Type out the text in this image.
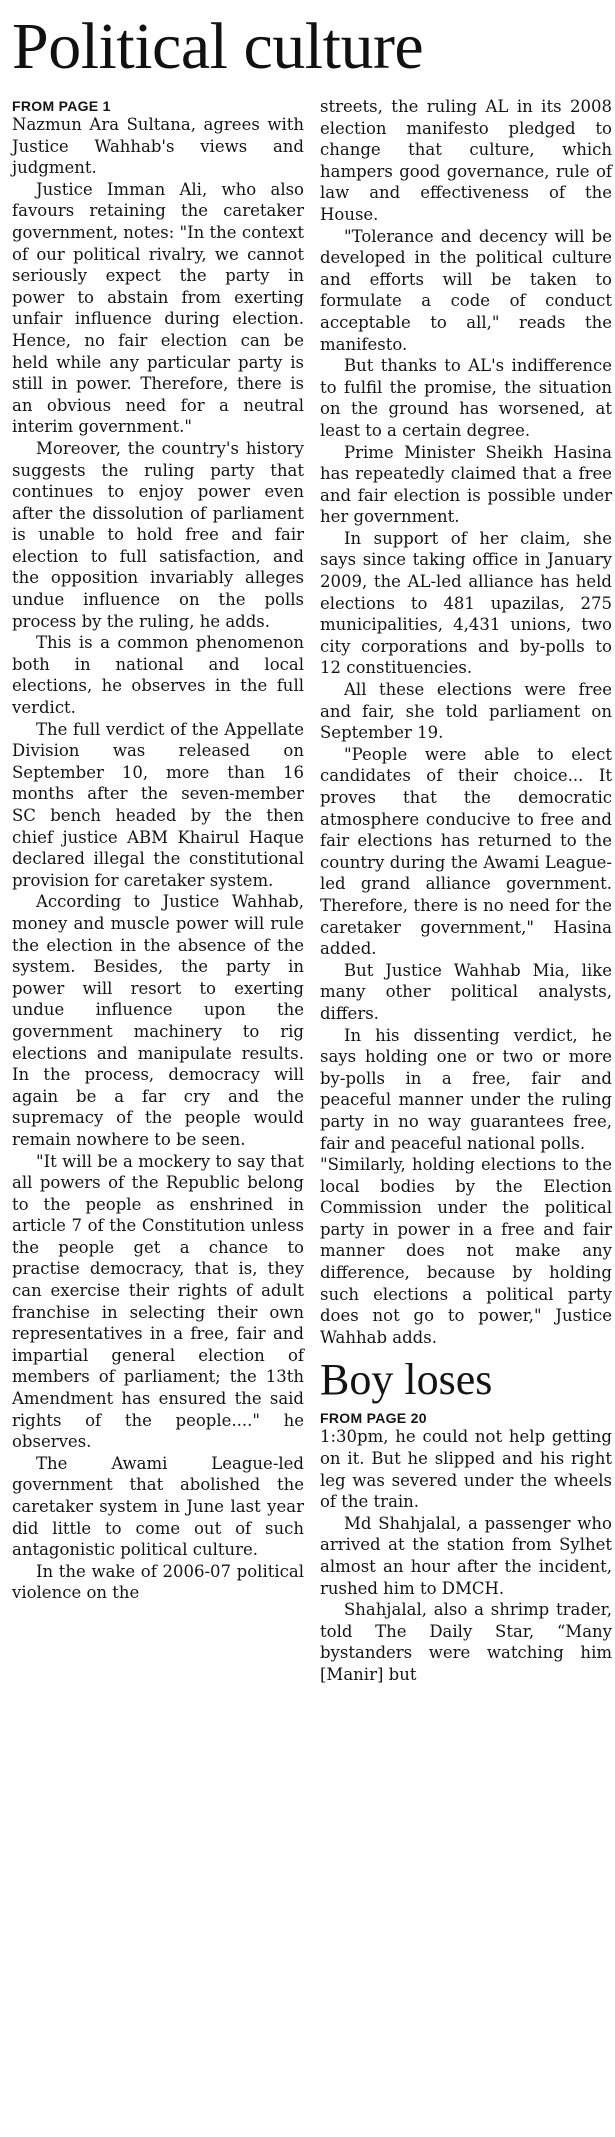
Political culture
FROM PAGE 1

Nazmun Ara Sultana, agrees with Justice Wahhab's views and judgment.

Justice Imman Ali, who also favours retaining the caretaker government, notes: "In the context of our political rivalry, we cannot seriously expect the party in power to abstain from exerting unfair influence during election. Hence, no fair election can be held while any particular party is still in power. Therefore, there is an obvious need for a neutral interim government."

Moreover, the country's history suggests the ruling party that continues to enjoy power even after the dissolution of parliament is unable to hold free and fair election to full satisfaction, and the opposition invariably alleges undue influence on the polls process by the ruling, he adds.

This is a common phenomenon both in national and local elections, he observes in the full verdict.

The full verdict of the Appellate Division was released on September 10, more than 16 months after the seven-member SC bench headed by the then chief justice ABM Khairul Haque declared illegal the constitutional provision for caretaker system.

According to Justice Wahhab, money and muscle power will rule the election in the absence of the system. Besides, the party in power will resort to exerting undue influence upon the government machinery to rig elections and manipulate results. In the process, democracy will again be a far cry and the supremacy of the people would remain nowhere to be seen.

"It will be a mockery to say that all powers of the Republic belong to the people as enshrined in article 7 of the Constitution unless the people get a chance to practise democracy, that is, they can exercise their rights of adult franchise in selecting their own representatives in a free, fair and impartial general election of members of parliament; the 13th Amendment has ensured the said rights of the people...." he observes.

The Awami League-led government that abolished the caretaker system in June last year did little to come out of such antagonistic political culture.

In the wake of 2006-07 political violence on the

streets, the ruling AL in its 2008 election manifesto pledged to change that culture, which hampers good governance, rule of law and effectiveness of the House.

"Tolerance and decency will be developed in the political culture and efforts will be taken to formulate a code of conduct acceptable to all," reads the manifesto.

But thanks to AL's indifference to fulfil the promise, the situation on the ground has worsened, at least to a certain degree.

Prime Minister Sheikh Hasina has repeatedly claimed that a free and fair election is possible under her government.

In support of her claim, she says since taking office in January 2009, the AL-led alliance has held elections to 481 upazilas, 275 municipalities, 4,431 unions, two city corporations and by-polls to 12 constituencies.

All these elections were free and fair, she told parliament on September 19.

"People were able to elect candidates of their choice... It proves that the democratic atmosphere conducive to free and fair elections has returned to the country during the Awami League-led grand alliance government. Therefore, there is no need for the caretaker government," Hasina added.

But Justice Wahhab Mia, like many other political analysts, differs.

In his dissenting verdict, he says holding one or two or more by-polls in a free, fair and peaceful manner under the ruling party in no way guarantees free, fair and peaceful national polls.

"Similarly, holding elections to the local bodies by the Election Commission under the political party in power in a free and fair manner does not make any difference, because by holding such elections a political party does not go to power," Justice Wahhab adds.

Boy loses
FROM PAGE 20

1:30pm, he could not help getting on it. But he slipped and his right leg was severed under the wheels of the train.

Md Shahjalal, a passenger who arrived at the station from Sylhet almost an hour after the incident, rushed him to DMCH.

Shahjalal, also a shrimp trader, told The Daily Star, “Many bystanders were watching him [Manir] but
